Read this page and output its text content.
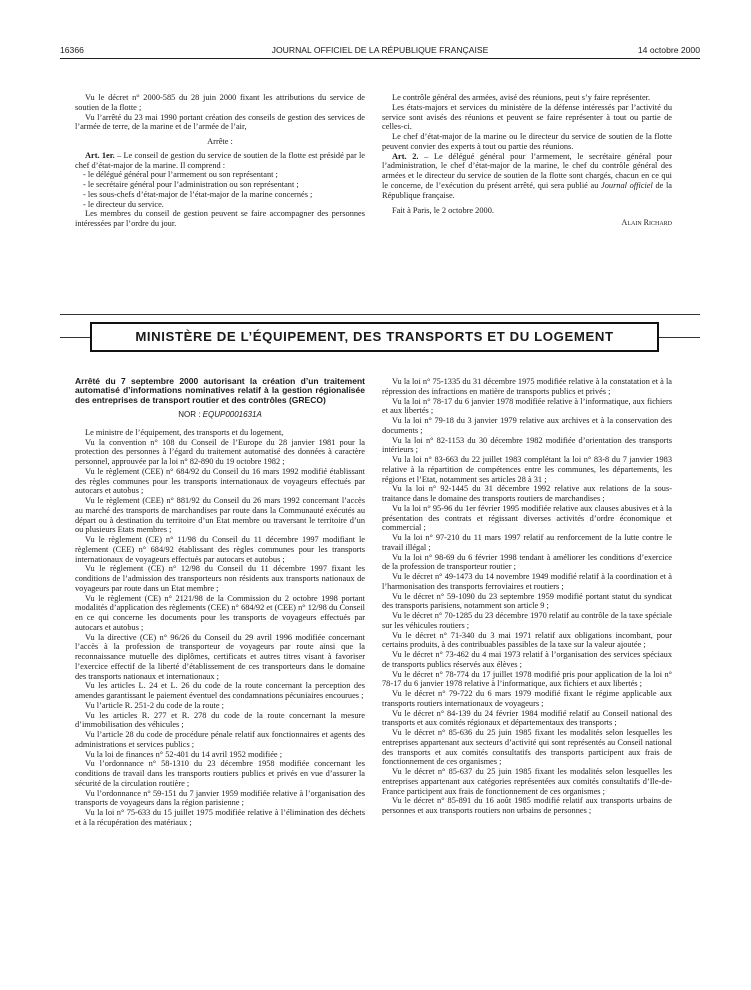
16366	JOURNAL OFFICIEL DE LA RÉPUBLIQUE FRANÇAISE	14 octobre 2000

Vu le décret n° 2000-585 du 28 juin 2000 fixant les attributions du service de soutien de la flotte ;

Vu l’arrêté du 23 mai 1990 portant création des conseils de gestion des services de l’armée de terre, de la marine et de l’armée de l’air,

Arrête :

Art. 1er. – Le conseil de gestion du service de soutien de la flotte est présidé par le chef d’état-major de la marine. Il comprend :

- le délégué général pour l’armement ou son représentant ;
- le secrétaire général pour l’administration ou son représentant ;
- les sous-chefs d’état-major de l’état-major de la marine concernés ;
- le directeur du service.

Les membres du conseil de gestion peuvent se faire accompagner des personnes intéressées par l’ordre du jour.

Le contrôle général des armées, avisé des réunions, peut s’y faire représenter.

Les états-majors et services du ministère de la défense intéressés par l’activité du service sont avisés des réunions et peuvent se faire représenter à tout ou partie de celles-ci.

Le chef d’état-major de la marine ou le directeur du service de soutien de la flotte peuvent convier des experts à tout ou partie des réunions.

Art. 2. – Le délégué général pour l’armement, le secrétaire général pour l’administration, le chef d’état-major de la marine, le chef du contrôle général des armées et le directeur du service de soutien de la flotte sont chargés, chacun en ce qui le concerne, de l’exécution du présent arrêté, qui sera publié au Journal officiel de la République française.

Fait à Paris, le 2 octobre 2000.

Alain Richard

MINISTÈRE DE L’ÉQUIPEMENT, DES TRANSPORTS ET DU LOGEMENT
Arrêté du 7 septembre 2000 autorisant la création d’un traitement automatisé d’informations nominatives relatif à la gestion régionalisée des entreprises de transport routier et des contrôles (GRECO)
NOR : EQUP0001631A

Le ministre de l’équipement, des transports et du logement,

Vu la convention n° 108 du Conseil de l’Europe du 28 janvier 1981 pour la protection des personnes à l’égard du traitement automatisé des données à caractère personnel, approuvée par la loi n° 82-890 du 19 octobre 1982 ;

Vu le règlement (CEE) n° 684/92 du Conseil du 16 mars 1992 modifié établissant des règles communes pour les transports internationaux de voyageurs effectués par autocars et autobus ;

Vu le règlement (CEE) n° 881/92 du Conseil du 26 mars 1992 concernant l’accès au marché des transports de marchandises par route dans la Communauté exécutés au départ ou à destination du territoire d’un Etat membre ou traversant le territoire d’un ou plusieurs Etats membres ;

Vu le règlement (CE) n° 11/98 du Conseil du 11 décembre 1997 modifiant le règlement (CEE) n° 684/92 établissant des règles communes pour les transports internationaux de voyageurs effectués par autocars et autobus ;

Vu le règlement (CE) n° 12/98 du Conseil du 11 décembre 1997 fixant les conditions de l’admission des transporteurs non résidents aux transports nationaux de voyageurs par route dans un Etat membre ;

Vu le règlement (CE) n° 2121/98 de la Commission du 2 octobre 1998 portant modalités d’application des règlements (CEE) n° 684/92 et (CEE) n° 12/98 du Conseil en ce qui concerne les documents pour les transports de voyageurs effectués par autocars et autobus ;

Vu la directive (CE) n° 96/26 du Conseil du 29 avril 1996 modifiée concernant l’accès à la profession de transporteur de voyageurs par route ainsi que la reconnaissance mutuelle des diplômes, certificats et autres titres visant à favoriser l’exercice effectif de la liberté d’établissement de ces transporteurs dans le domaine des transports nationaux et internationaux ;

Vu les articles L. 24 et L. 26 du code de la route concernant la perception des amendes garantissant le paiement éventuel des condamnations pécuniaires encourues ;

Vu l’article R. 251-2 du code de la route ;

Vu les articles R. 277 et R. 278 du code de la route concernant la mesure d’immobilisation des véhicules ;

Vu l’article 28 du code de procédure pénale relatif aux fonctionnaires et agents des administrations et services publics ;

Vu la loi de finances n° 52-401 du 14 avril 1952 modifiée ;

Vu l’ordonnance n° 58-1310 du 23 décembre 1958 modifiée concernant les conditions de travail dans les transports routiers publics et privés en vue d’assurer la sécurité de la circulation routière ;

Vu l’ordonnance n° 59-151 du 7 janvier 1959 modifiée relative à l’organisation des transports de voyageurs dans la région parisienne ;

Vu la loi n° 75-633 du 15 juillet 1975 modifiée relative à l’élimination des déchets et à la récupération des matériaux ;

Vu la loi n° 75-1335 du 31 décembre 1975 modifiée relative à la constatation et à la répression des infractions en matière de transports publics et privés ;

Vu la loi n° 78-17 du 6 janvier 1978 modifiée relative à l’informatique, aux fichiers et aux libertés ;

Vu la loi n° 79-18 du 3 janvier 1979 relative aux archives et à la conservation des documents ;

Vu la loi n° 82-1153 du 30 décembre 1982 modifiée d’orientation des transports intérieurs ;

Vu la loi n° 83-663 du 22 juillet 1983 complétant la loi n° 83-8 du 7 janvier 1983 relative à la répartition de compétences entre les communes, les départements, les régions et l’Etat, notamment ses articles 28 à 31 ;

Vu la loi n° 92-1445 du 31 décembre 1992 relative aux relations de la sous-traitance dans le domaine des transports routiers de marchandises ;

Vu la loi n° 95-96 du 1er février 1995 modifiée relative aux clauses abusives et à la présentation des contrats et régissant diverses activités d’ordre économique et commercial ;

Vu la loi n° 97-210 du 11 mars 1997 relatif au renforcement de la lutte contre le travail illégal ;

Vu la loi n° 98-69 du 6 février 1998 tendant à améliorer les conditions d’exercice de la profession de transporteur routier ;

Vu le décret n° 49-1473 du 14 novembre 1949 modifié relatif à la coordination et à l’harmonisation des transports ferroviaires et routiers ;

Vu le décret n° 59-1090 du 23 septembre 1959 modifié portant statut du syndicat des transports parisiens, notamment son article 9 ;

Vu le décret n° 70-1285 du 23 décembre 1970 relatif au contrôle de la taxe spéciale sur les véhicules routiers ;

Vu le décret n° 71-340 du 3 mai 1971 relatif aux obligations incombant, pour certains produits, à des contribuables passibles de la taxe sur la valeur ajoutée ;

Vu le décret n° 73-462 du 4 mai 1973 relatif à l’organisation des services spéciaux de transports publics réservés aux élèves ;

Vu le décret n° 78-774 du 17 juillet 1978 modifié pris pour application de la loi n° 78-17 du 6 janvier 1978 relative à l’informatique, aux fichiers et aux libertés ;

Vu le décret n° 79-722 du 6 mars 1979 modifié fixant le régime applicable aux transports routiers internationaux de voyageurs ;

Vu le décret n° 84-139 du 24 février 1984 modifié relatif au Conseil national des transports et aux comités régionaux et départementaux des transports ;

Vu le décret n° 85-636 du 25 juin 1985 fixant les modalités selon lesquelles les entreprises appartenant aux secteurs d’activité qui sont représentés au Conseil national des transports et aux comités consultatifs des transports participent aux frais de fonctionnement de ces organismes ;

Vu le décret n° 85-637 du 25 juin 1985 fixant les modalités selon lesquelles les entreprises appartenant aux catégories représentées aux comités consultatifs d’Ile-de-France participent aux frais de fonctionnement de ces organismes ;

Vu le décret n° 85-891 du 16 août 1985 modifié relatif aux transports urbains de personnes et aux transports routiers non urbains de personnes ;
